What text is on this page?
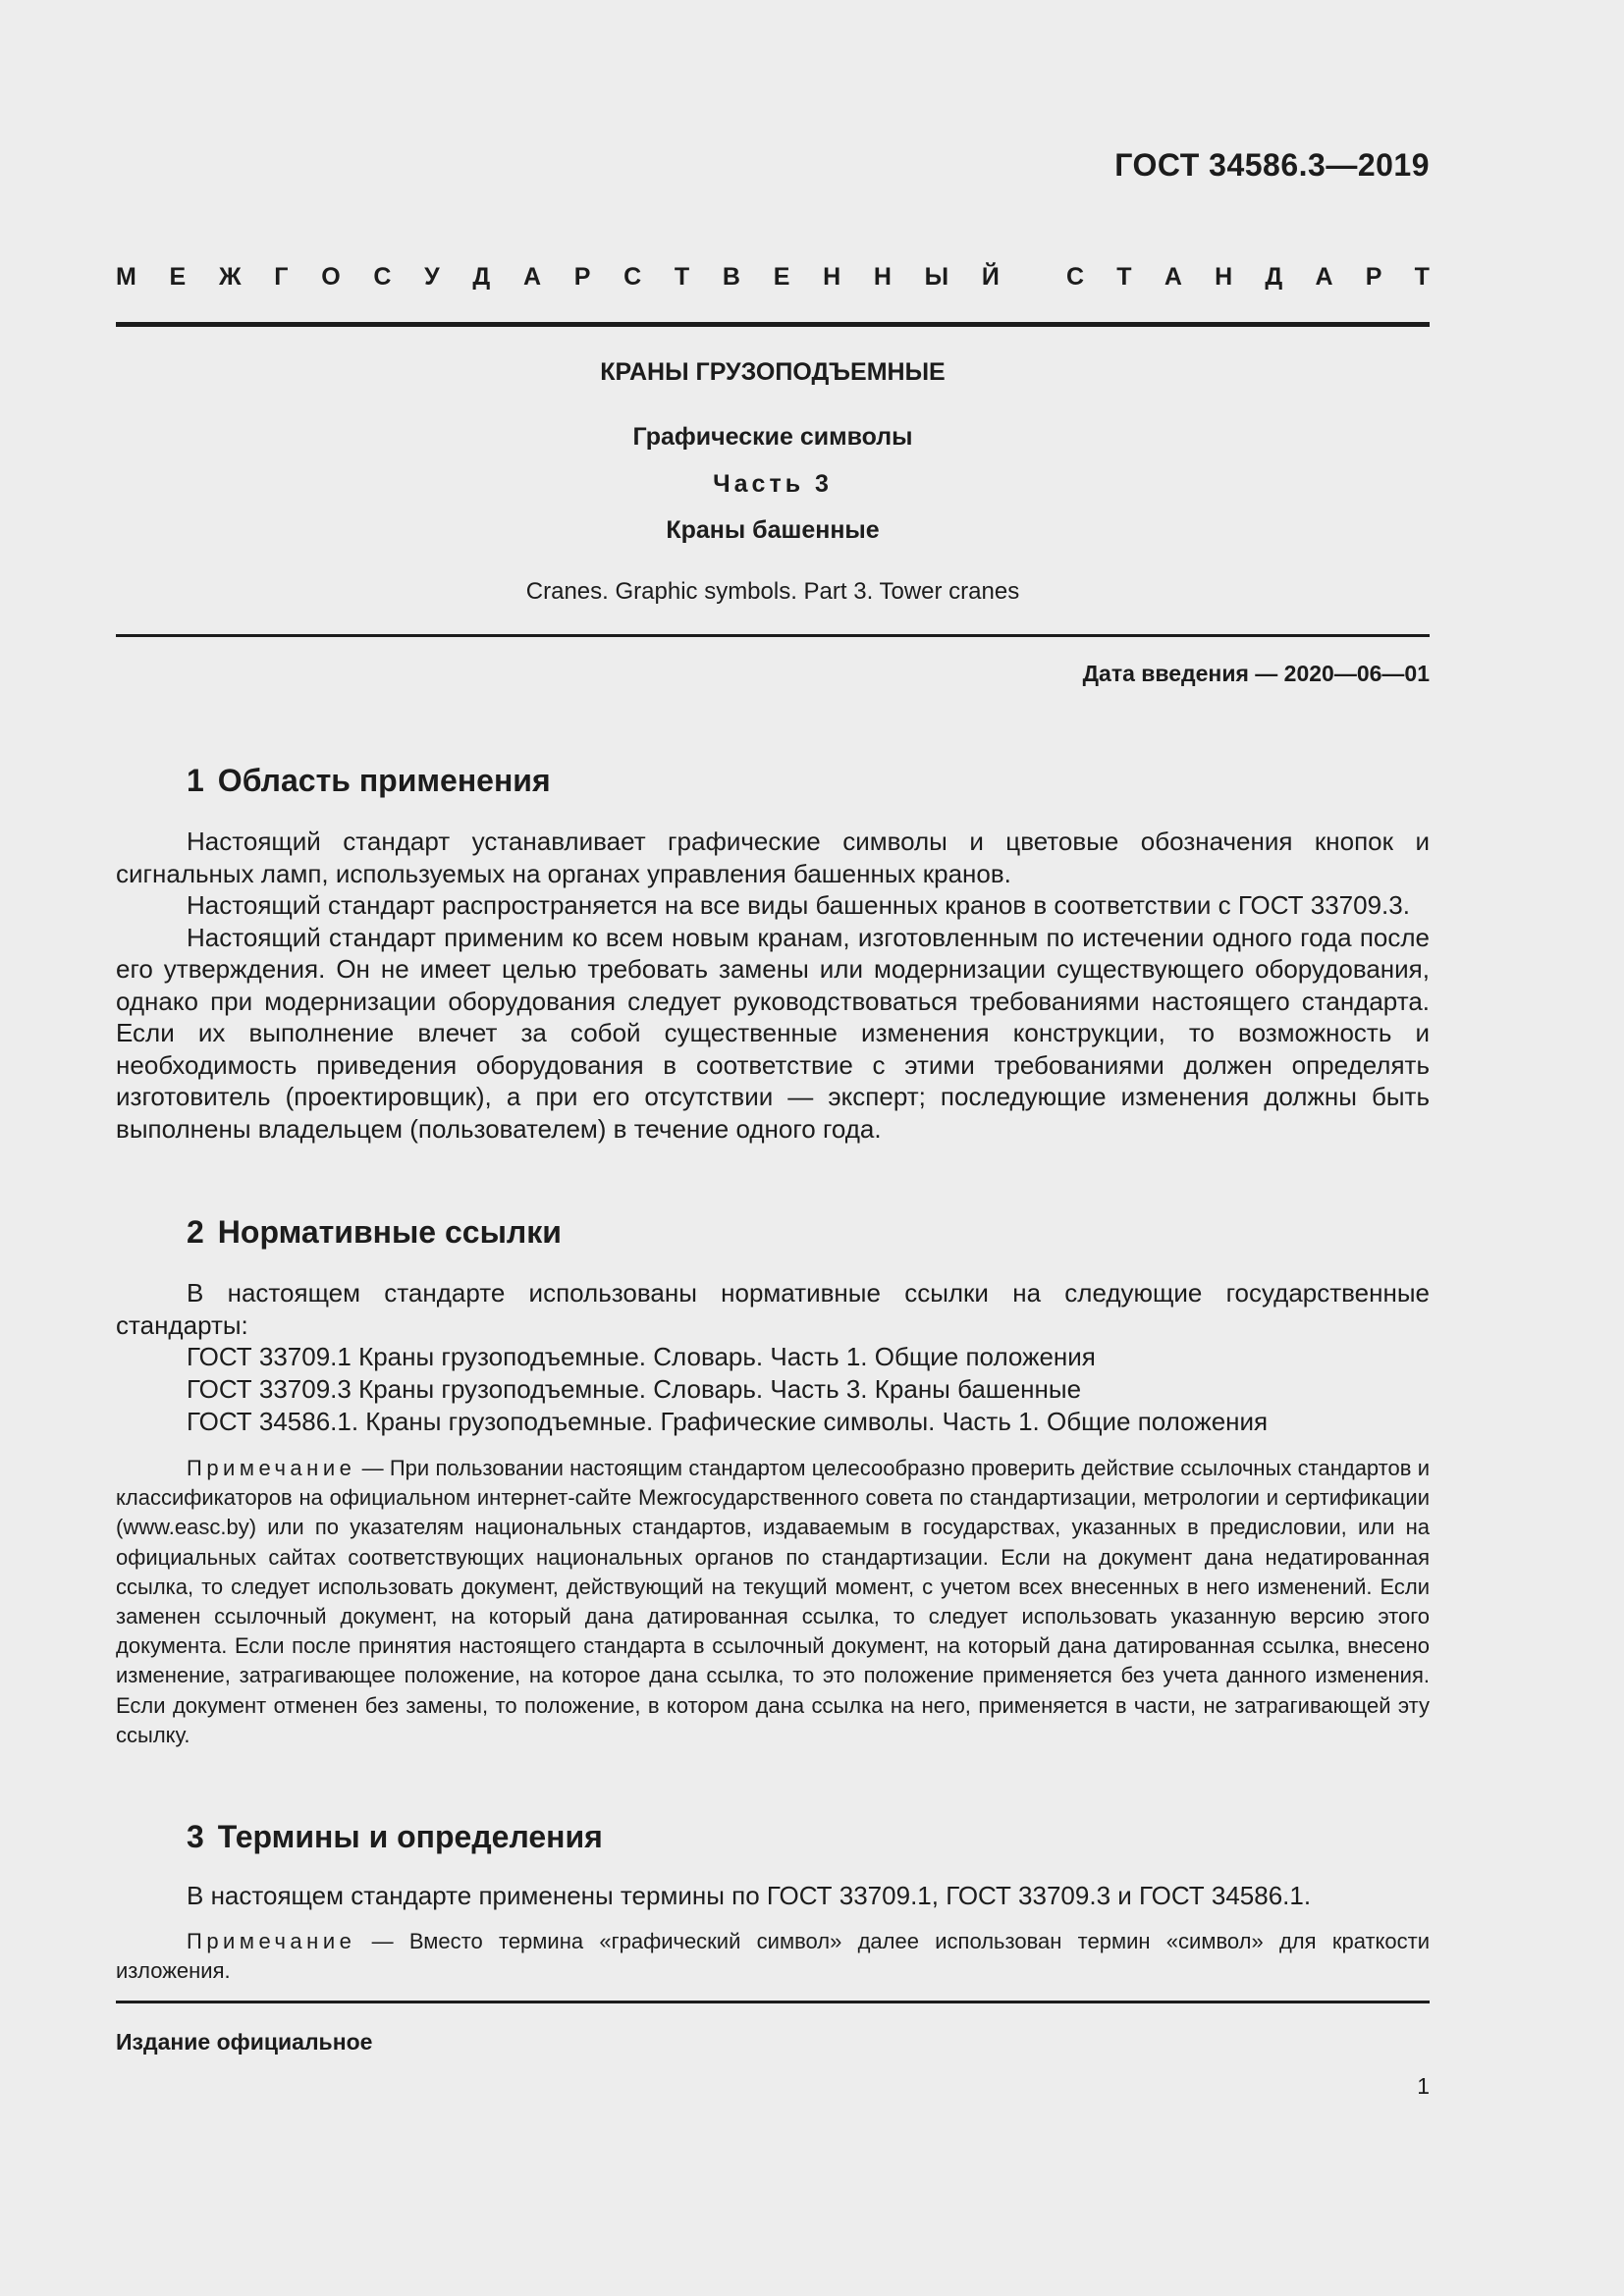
ГОСТ 34586.3—2019
М Е Ж Г О С У Д А Р С Т В Е Н Н Ы Й	С Т А Н Д А Р Т
КРАНЫ ГРУЗОПОДЪЕМНЫЕ
Графические символы
Часть 3
Краны башенные
Cranes. Graphic symbols. Part 3. Tower cranes
Дата введения — 2020—06—01
1 Область применения

Настоящий стандарт устанавливает графические символы и цветовые обозначения кнопок и сигнальных ламп, используемых на органах управления башенных кранов.

Настоящий стандарт распространяется на все виды башенных кранов в соответствии с ГОСТ 33709.3.

Настоящий стандарт применим ко всем новым кранам, изготовленным по истечении одного года после его утверждения. Он не имеет целью требовать замены или модернизации существующего оборудования, однако при модернизации оборудования следует руководствоваться требованиями настоящего стандарта. Если их выполнение влечет за собой существенные изменения конструкции, то возможность и необходимость приведения оборудования в соответствие с этими требованиями должен определять изготовитель (проектировщик), а при его отсутствии — эксперт; последующие изменения должны быть выполнены владельцем (пользователем) в течение одного года.

2 Нормативные ссылки

В настоящем стандарте использованы нормативные ссылки на следующие государственные стандарты:

ГОСТ 33709.1 Краны грузоподъемные. Словарь. Часть 1. Общие положения
ГОСТ 33709.3 Краны грузоподъемные. Словарь. Часть 3. Краны башенные
ГОСТ 34586.1. Краны грузоподъемные. Графические символы. Часть 1. Общие положения

Примечание — При пользовании настоящим стандартом целесообразно проверить действие ссылочных стандартов и классификаторов на официальном интернет-сайте Межгосударственного совета по стандартизации, метрологии и сертификации (www.easc.by) или по указателям национальных стандартов, издаваемым в государствах, указанных в предисловии, или на официальных сайтах соответствующих национальных органов по стандартизации. Если на документ дана недатированная ссылка, то следует использовать документ, действующий на текущий момент, с учетом всех внесенных в него изменений. Если заменен ссылочный документ, на который дана датированная ссылка, то следует использовать указанную версию этого документа. Если после принятия настоящего стандарта в ссылочный документ, на который дана датированная ссылка, внесено изменение, затрагивающее положение, на которое дана ссылка, то это положение применяется без учета данного изменения. Если документ отменен без замены, то положение, в котором дана ссылка на него, применяется в части, не затрагивающей эту ссылку.

3 Термины и определения

В настоящем стандарте применены термины по ГОСТ 33709.1, ГОСТ 33709.3 и ГОСТ 34586.1.

Примечание — Вместо термина «графический символ» далее использован термин «символ» для краткости изложения.

Издание официальное
1
